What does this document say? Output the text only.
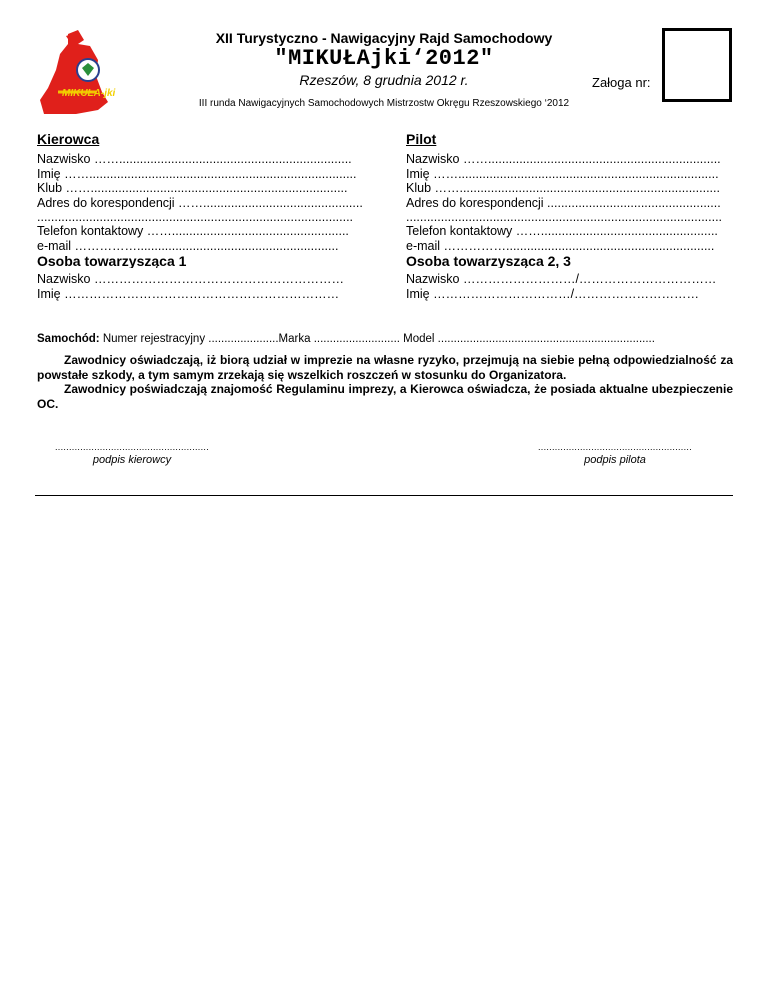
MIKUŁA-jki
XII Turystyczno - Nawigacyjny Rajd Samochodowy
"MIKUŁAjki‘2012"
Rzeszów, 8 grudnia 2012 r.
III runda Nawigacyjnych Samochodowych Mistrzostw Okręgu Rzeszowskiego ‘2012
Załoga nr:
Kierowca
Nazwisko ……...................................................................
Imię …….............................................................................
Klub ……..........................................................................
Adres do korespondencji ……..............................................
...........................................................................................
Telefon kontaktowy ……...................................................
e-mail ……………..........................................................
Pilot
Nazwisko ……...................................................................
Imię ……...........................................................................
Klub ……...........................................................................
Adres do korespondencji ..................................................
...........................................................................................
Telefon kontaktowy ……...................................................
e-mail ……………............................................................
Osoba towarzysząca 1
Nazwisko ……………………………………………………
Imię …………………………………………………………
Osoba towarzysząca 2, 3
Nazwisko ………………………/……………………………
Imię ……………………………/…………………………
Samochód: Numer rejestracyjny ......................Marka ........................... Model ....................................................................

Zawodnicy oświadczają, iż biorą udział w imprezie na własne ryzyko, przejmują na siebie pełną odpowiedzialność za powstałe szkody, a tym samym zrzekają się wszelkich roszczeń w stosunku do Organizatora.

Zawodnicy poświadczają znajomość Regulaminu imprezy, a Kierowca oświadcza, że posiada aktualne ubezpieczenie OC.

.......................................................
podpis kierowcy
.......................................................
podpis pilota
